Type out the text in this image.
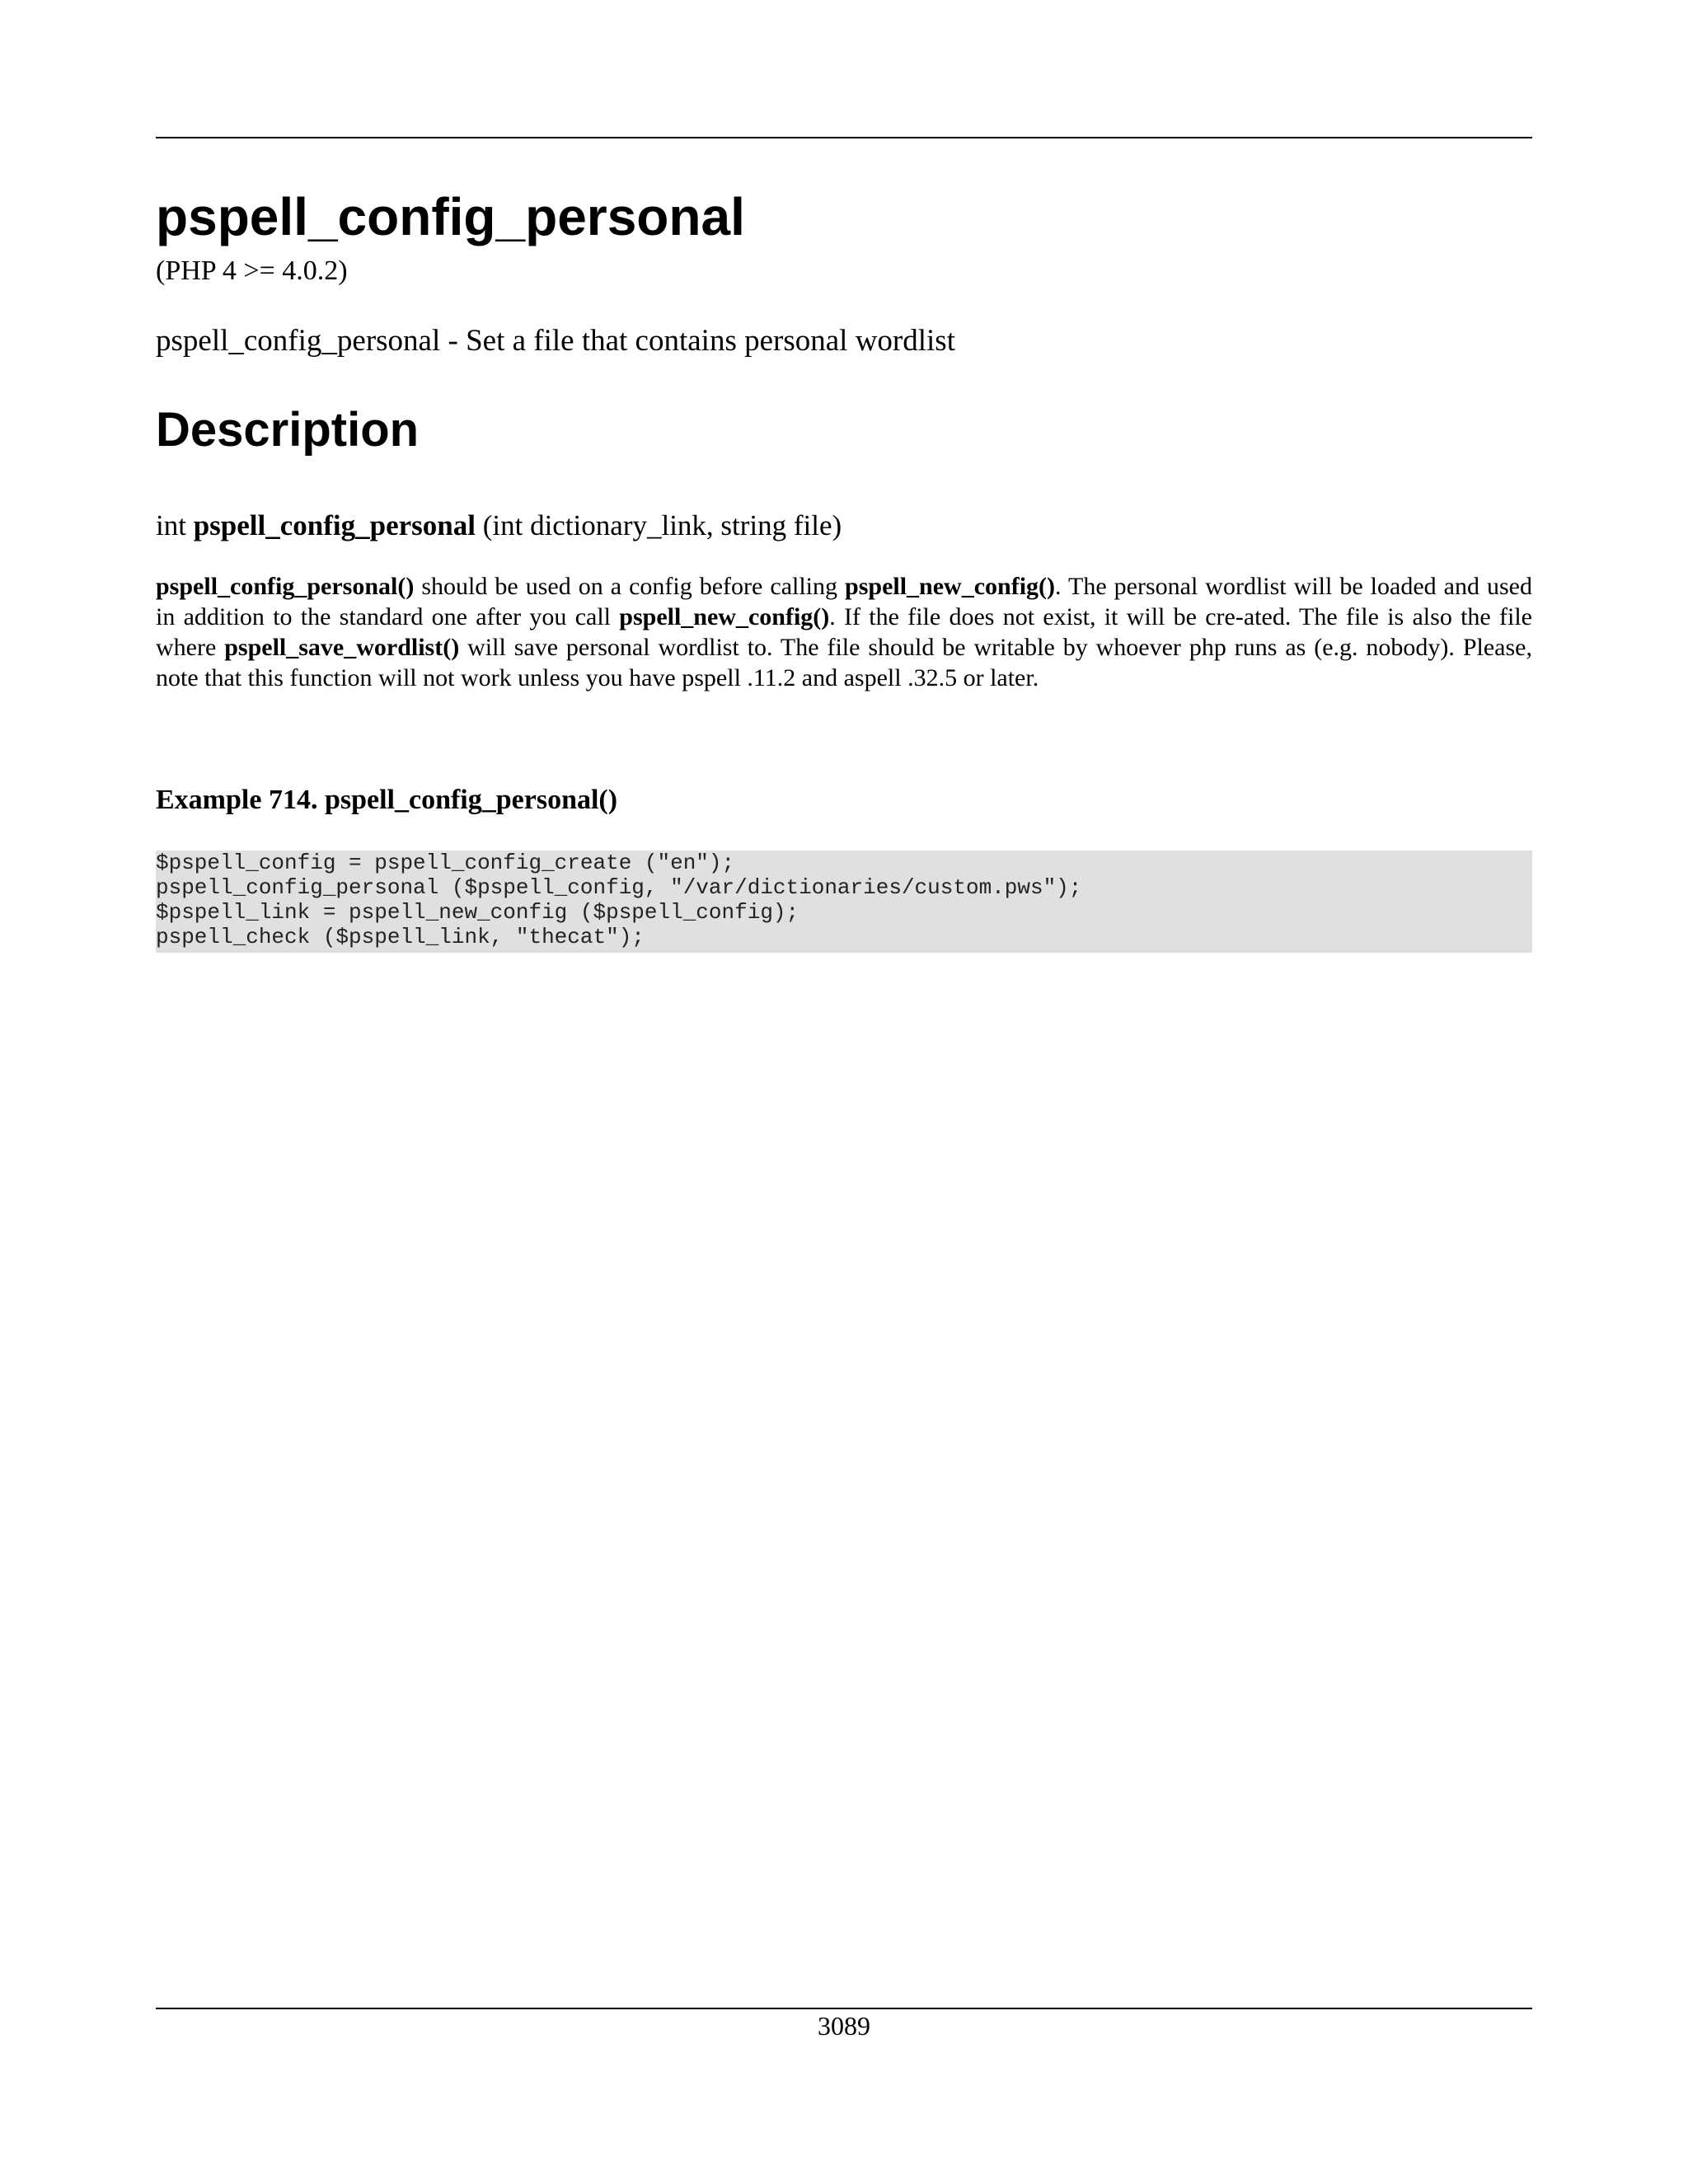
pspell_config_personal
(PHP 4 >= 4.0.2)
pspell_config_personal - Set a file that contains personal wordlist
Description
int pspell_config_personal (int dictionary_link, string file)

pspell_config_personal() should be used on a config before calling pspell_new_config(). The personal wordlist will be loaded and used in addition to the standard one after you call pspell_new_config(). If the file does not exist, it will be cre-ated. The file is also the file where pspell_save_wordlist() will save personal wordlist to. The file should be writable by whoever php runs as (e.g. nobody). Please, note that this function will not work unless you have pspell .11.2 and aspell .32.5 or later.

Example 714. pspell_config_personal()
$pspell_config = pspell_config_create ("en");
pspell_config_personal ($pspell_config, "/var/dictionaries/custom.pws");
$pspell_link = pspell_new_config ($pspell_config);
pspell_check ($pspell_link, "thecat");
3089
